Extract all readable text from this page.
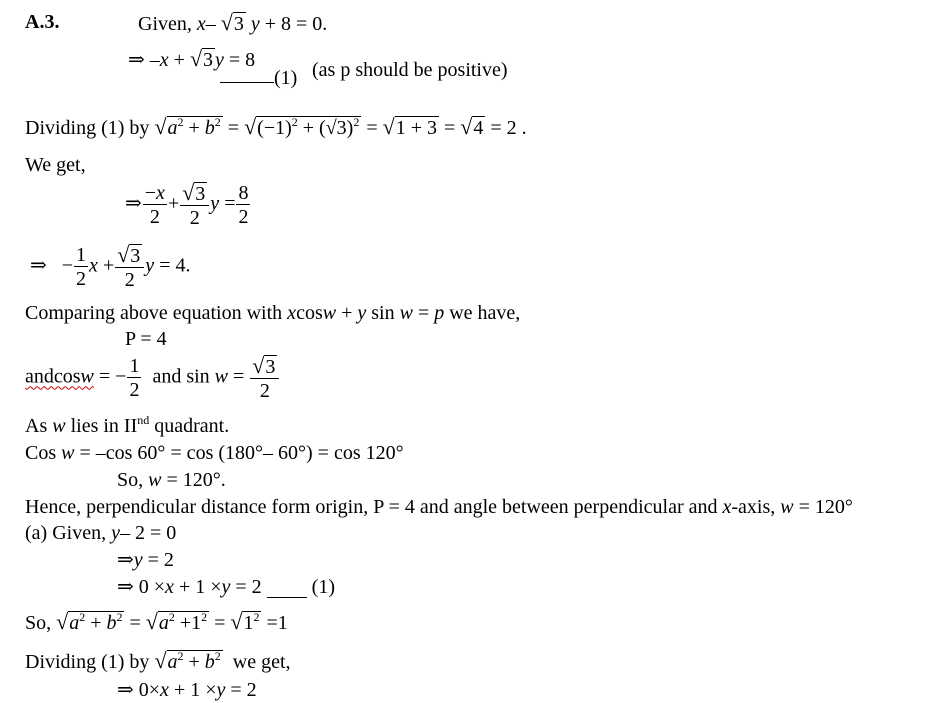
A.3.	Given, x– √3 y + 8 = 0.
⇒ –x + √3 y = 8
(1) (as p should be positive)
Dividing (1) by $√a^2 + b^2 = √(-1)^2 + (√3)^2 = √1 + 3 = √4 = 2$ .
We get,
⇒ $\frac{-x}{2} + \frac{√3}{2}$ $y = \frac{8}{2}$
⇒   − $\frac{1}{2}$ $x + \frac{√3}{2}$ y = 4.
Comparing above equation with xcosw + y sin w = p we have,
P = 4
andcosw = − $\frac{1}{2}$ and $\sin w = \frac{√3}{2}$
As w lies in IInd quadrant.
Cos w = –cos 60° = cos (180°– 60°) = cos 120°
So, w = 120°.
Hence, perpendicular distance form origin, P = 4 and angle between perpendicular and x-axis, w = 120°
(a) Given, y– 2 = 0
⇒y = 2
⇒ 0 ×x + 1 ×y = 2   (1)
So, $√a^2 + b^2 = √a^2 +1^2 = √1^2 =1$
Dividing (1) by $√a^2 + b^2$ we get,
⇒ 0×x + 1 ×y = 2
